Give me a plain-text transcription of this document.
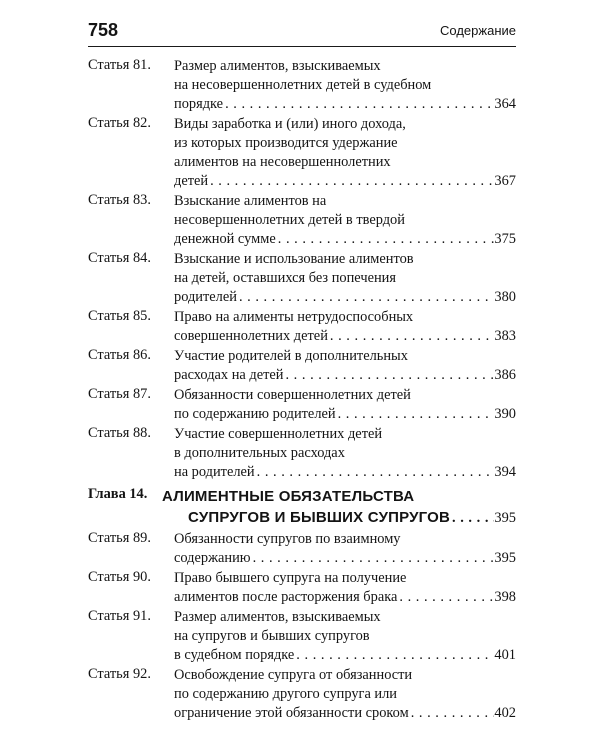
758	Содержание
Статья 81. Размер алиментов, взыскиваемых
на несовершеннолетних детей в судебном
порядке . . .	364
Статья 82. Виды заработка и (или) иного дохода,
из которых производится удержание
алиментов на несовершеннолетних
детей . . .	367
Статья 83. Взыскание алиментов на
несовершеннолетних детей в твердой
денежной сумме . . .	375
Статья 84. Взыскание и использование алиментов
на детей, оставшихся без попечения
родителей . . .	380
Статья 85. Право на алименты нетрудоспособных
совершеннолетних детей . . .	383
Статья 86. Участие родителей в дополнительных
расходах на детей . . .	386
Статья 87. Обязанности совершеннолетних детей
по содержанию родителей . . .	390
Статья 88. Участие совершеннолетних детей
в дополнительных расходах
на родителей . . .	394
Глава 14. АЛИМЕНТНЫЕ ОБЯЗАТЕЛЬСТВА
СУПРУГОВ И БЫВШИХ СУПРУГОВ . . .	395
Статья 89. Обязанности супругов по взаимному
содержанию . . .	395
Статья 90. Право бывшего супруга на получение
алиментов после расторжения брака . . .	398
Статья 91. Размер алиментов, взыскиваемых
на супругов и бывших супругов
в судебном порядке . . .	401
Статья 92. Освобождение супруга от обязанности
по содержанию другого супруга или
ограничение этой обязанности сроком . . .	402
